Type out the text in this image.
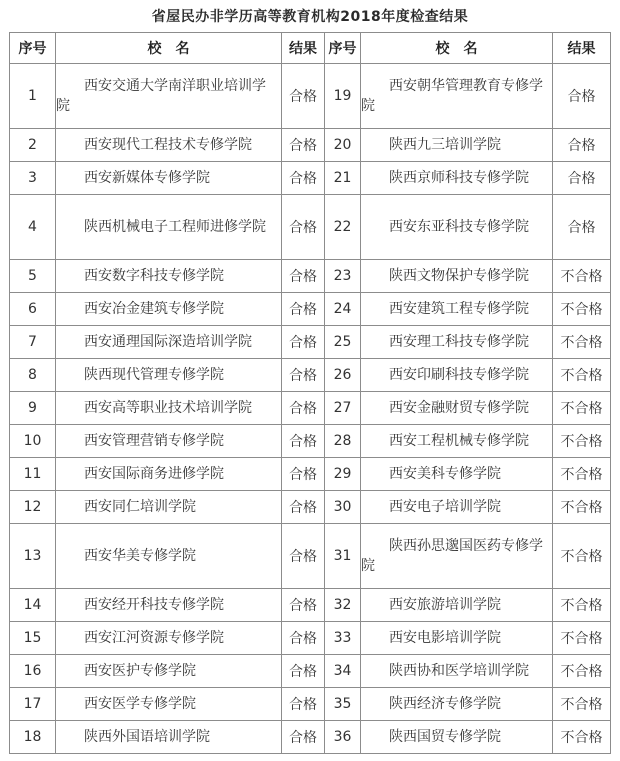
省屋民办非学历高等教育机构2018年度检查结果
序号	校　名	结果	序号	校　名	结果
1	西安交通大学南洋职业培训学院	合格	19	西安朝华管理教育专修学院	合格
2	西安现代工程技术专修学院	合格	20	陕西九三培训学院	合格
3	西安新媒体专修学院	合格	21	陕西京师科技专修学院	合格
4	陕西机械电子工程师进修学院	合格	22	西安东亚科技专修学院	合格
5	西安数字科技专修学院	合格	23	陕西文物保护专修学院	不合格
6	西安冶金建筑专修学院	合格	24	西安建筑工程专修学院	不合格
7	西安通理国际深造培训学院	合格	25	西安理工科技专修学院	不合格
8	陕西现代管理专修学院	合格	26	西安印刷科技专修学院	不合格
9	西安高等职业技术培训学院	合格	27	西安金融财贸专修学院	不合格
10	西安管理营销专修学院	合格	28	西安工程机械专修学院	不合格
11	西安国际商务进修学院	合格	29	西安美科专修学院	不合格
12	西安同仁培训学院	合格	30	西安电子培训学院	不合格
13	西安华美专修学院	合格	31	陕西孙思邈国医药专修学院	不合格
14	西安经开科技专修学院	合格	32	西安旅游培训学院	不合格
15	西安江河资源专修学院	合格	33	西安电影培训学院	不合格
16	西安医护专修学院	合格	34	陕西协和医学培训学院	不合格
17	西安医学专修学院	合格	35	陕西经济专修学院	不合格
18	陕西外国语培训学院	合格	36	陕西国贸专修学院	不合格
